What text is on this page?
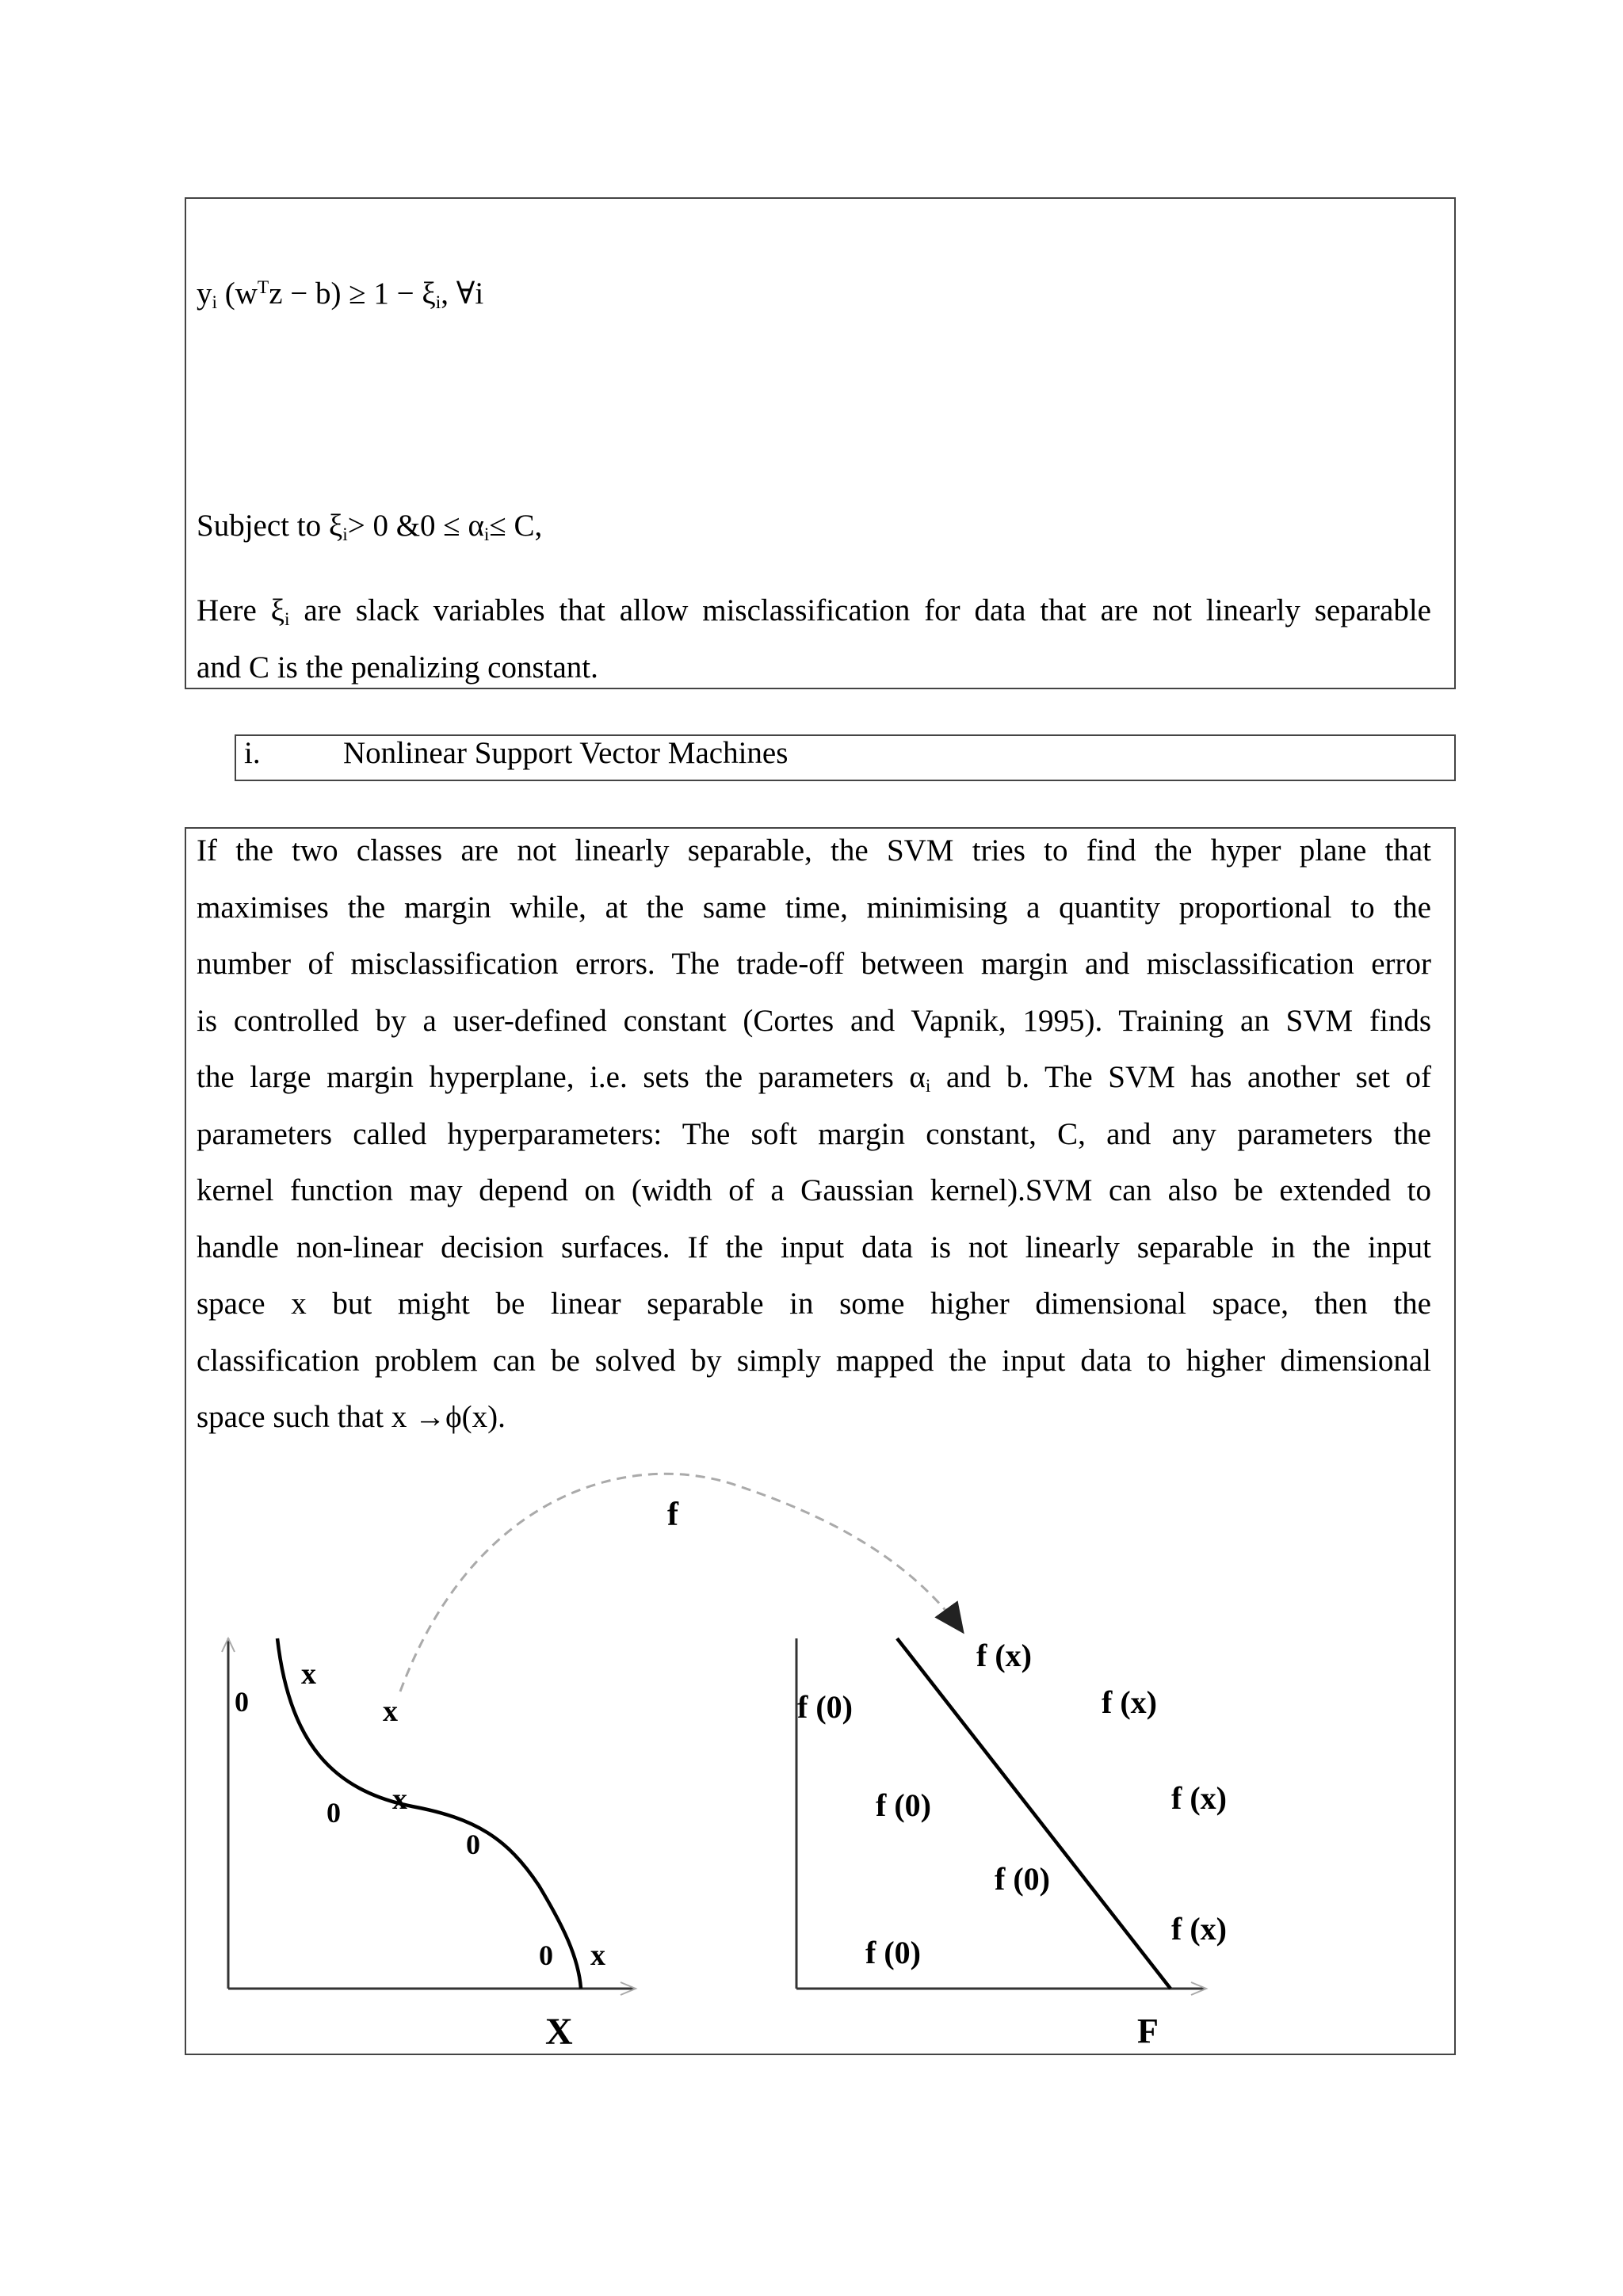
$y_i$ $(w^Tz - b) \ge 1 - \xi_i$, ∀i
Subject to $\xi_i> 0$ &0 ≤ $\alpha_i\le C$,
Here $\xi_i$ are slack variables that allow misclassification for data that are not linearly separable
and C is the penalizing constant.
i.	Nonlinear Support Vector Machines
If the two classes are not linearly separable, the SVM tries to find the hyper plane that
maximises the margin while, at the same time, minimising a quantity proportional to the
number of misclassification errors. The trade-off between margin and misclassification error
is controlled by a user-defined constant (Cortes and Vapnik, 1995). Training an SVM finds
the large margin hyperplane, i.e. sets the parameters $\alpha_i$ and b. The SVM has another set of
parameters called hyperparameters: The soft margin constant, C, and any parameters the
kernel function may depend on (width of a Gaussian kernel).SVM can also be extended to
handle non-linear decision surfaces. If the input data is not linearly separable in the input
space x but might be linear separable in some higher dimensional space, then the
classification problem can be solved by simply mapped the input data to higher dimensional
space such that x →ϕ(x).
f
0
x
x
0 x
0
0 x
X
f (x)
f (0)	f (x)
f (0)	f (x)
f (0)
f (x)
f (0)
F
